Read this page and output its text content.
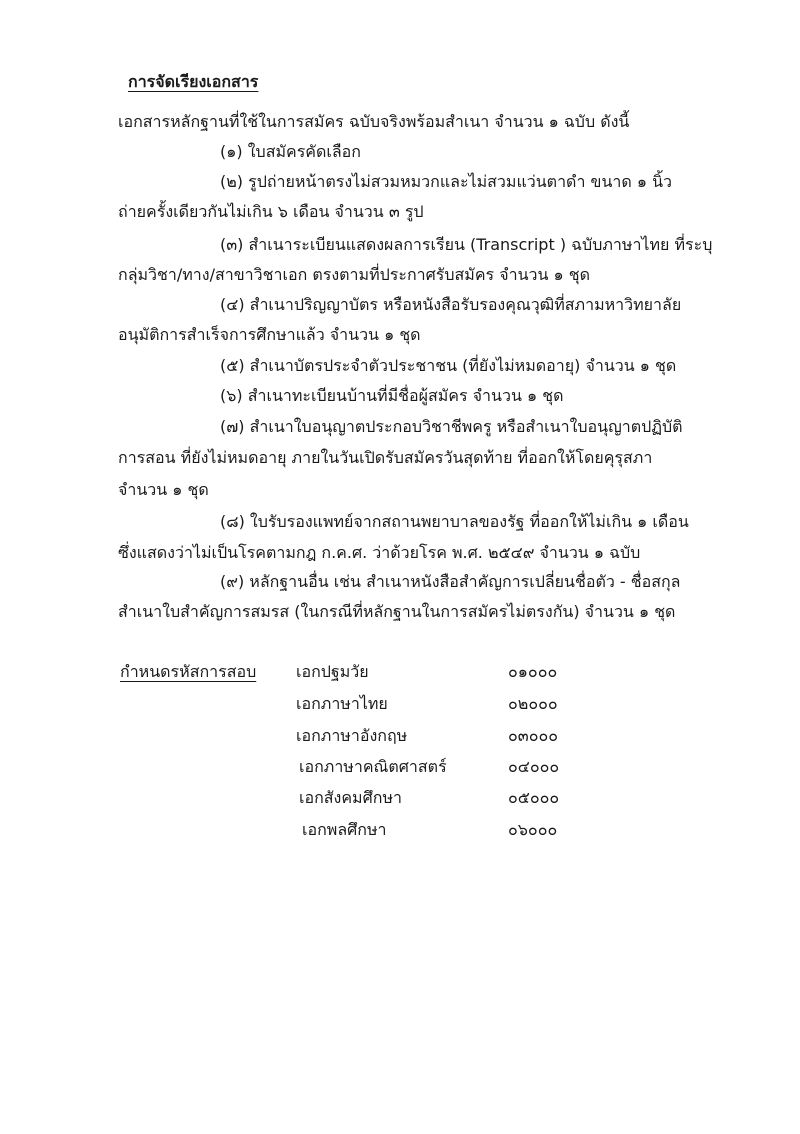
การจัดเรียงเอกสาร
เอกสารหลักฐานที่ใช้ในการสมัคร ฉบับจริงพร้อมสำเนา จำนวน ๑ ฉบับ ดังนี้
(๑) ใบสมัครคัดเลือก
(๒) รูปถ่ายหน้าตรงไม่สวมหมวกและไม่สวมแว่นตาดำ ขนาด ๑ นิ้ว
ถ่ายครั้งเดียวกันไม่เกิน ๖ เดือน จำนวน ๓ รูป
(๓) สำเนาระเบียนแสดงผลการเรียน (Transcript ) ฉบับภาษาไทย ที่ระบุ
กลุ่มวิชา/ทาง/สาขาวิชาเอก ตรงตามที่ประกาศรับสมัคร จำนวน ๑ ชุด
(๔) สำเนาปริญญาบัตร หรือหนังสือรับรองคุณวุฒิที่สภามหาวิทยาลัย
อนุมัติการสำเร็จการศึกษาแล้ว จำนวน ๑ ชุด
(๕) สำเนาบัตรประจำตัวประชาชน (ที่ยังไม่หมดอายุ) จำนวน ๑ ชุด
(๖) สำเนาทะเบียนบ้านที่มีชื่อผู้สมัคร จำนวน ๑ ชุด
(๗) สำเนาใบอนุญาตประกอบวิชาชีพครู หรือสำเนาใบอนุญาตปฏิบัติ
การสอน ที่ยังไม่หมดอายุ ภายในวันเปิดรับสมัครวันสุดท้าย ที่ออกให้โดยคุรุสภา
จำนวน ๑ ชุด
(๘) ใบรับรองแพทย์จากสถานพยาบาลของรัฐ ที่ออกให้ไม่เกิน ๑ เดือน
ซึ่งแสดงว่าไม่เป็นโรคตามกฎ ก.ค.ศ. ว่าด้วยโรค พ.ศ. ๒๕๔๙ จำนวน ๑ ฉบับ
(๙) หลักฐานอื่น เช่น สำเนาหนังสือสำคัญการเปลี่ยนชื่อตัว - ชื่อสกุล
สำเนาใบสำคัญการสมรส (ในกรณีที่หลักฐานในการสมัครไม่ตรงกัน) จำนวน ๑ ชุด
กำหนดรหัสการสอบ เอกปฐมวัย	๐๑๐๐๐
เอกภาษาไทย	๐๒๐๐๐
เอกภาษาอังกฤษ	๐๓๐๐๐
เอกภาษาคณิตศาสตร์	๐๔๐๐๐
เอกสังคมศึกษา	๐๕๐๐๐
เอกพลศึกษา	๐๖๐๐๐
